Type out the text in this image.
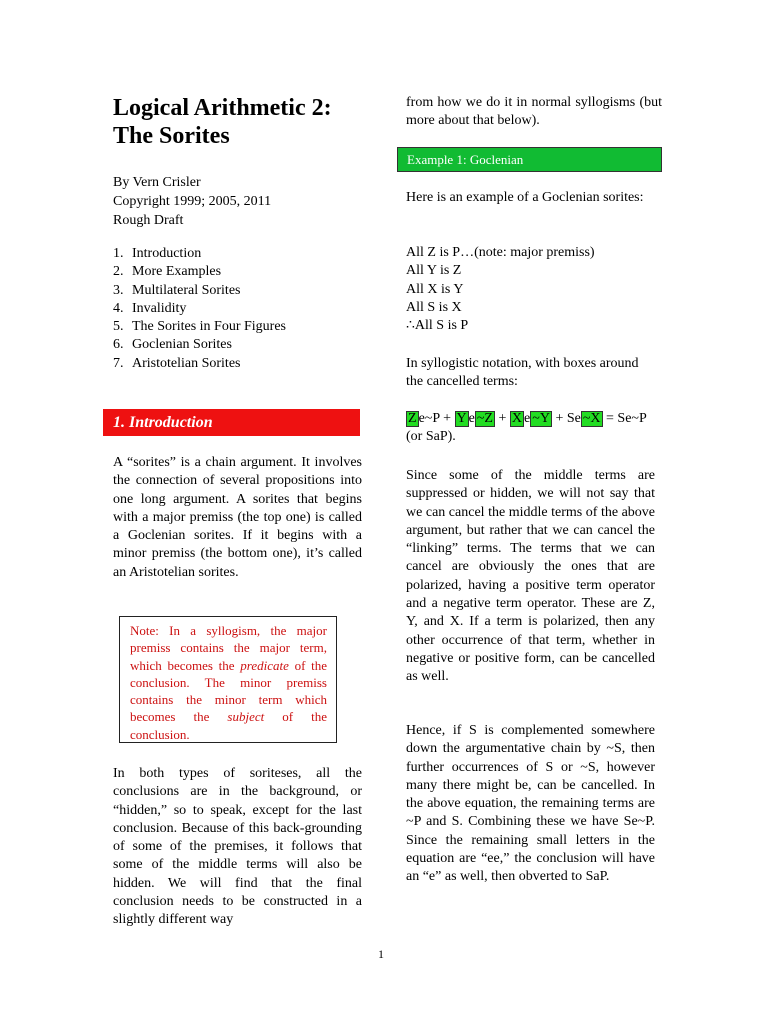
Logical Arithmetic 2:
The Sorites
By Vern Crisler
Copyright 1999; 2005, 2011
Rough Draft
1. Introduction
2. More Examples
3. Multilateral Sorites
4. Invalidity
5. The Sorites in Four Figures
6. Goclenian Sorites
7. Aristotelian Sorites
1. Introduction
A “sorites” is a chain argument. It involves the connection of several propositions into one long argument. A sorites that begins with a major premiss (the top one) is called a Goclenian sorites. If it begins with a minor premiss (the bottom one), it’s called an Aristotelian sorites.
Note: In a syllogism, the major premiss contains the major term, which becomes the predicate of the conclusion. The minor premiss contains the minor term which becomes the subject of the conclusion.
In both types of soriteses, all the conclusions are in the background, or “hidden,” so to speak, except for the last conclusion. Because of this back-grounding of some of the premises, it follows that some of the middle terms will also be hidden. We will find that the final conclusion needs to be constructed in a slightly different way
from how we do it in normal syllogisms (but more about that below).
Example 1: Goclenian
Here is an example of a Goclenian sorites:
All Z is P…(note: major premiss)
All Y is Z
All X is Y
All S is X
∴All S is P
In syllogistic notation, with boxes around the cancelled terms:
Z e~P + Y e ~Z + X e ~Y + Se ~X = Se~P
(or SaP).
Since some of the middle terms are suppressed or hidden, we will not say that we can cancel the middle terms of the above argument, but rather that we can cancel the “linking” terms. The terms that we can cancel are obviously the ones that are polarized, having a positive term operator and a negative term operator. These are Z, Y, and X. If a term is polarized, then any other occurrence of that term, whether in negative or positive form, can be cancelled as well.
Hence, if S is complemented somewhere down the argumentative chain by ~S, then further occurrences of S or ~S, however many there might be, can be cancelled. In the above equation, the remaining terms are ~P and S. Combining these we have Se~P. Since the remaining small letters in the equation are “ee,” the conclusion will have an “e” as well, then obverted to SaP.
1
